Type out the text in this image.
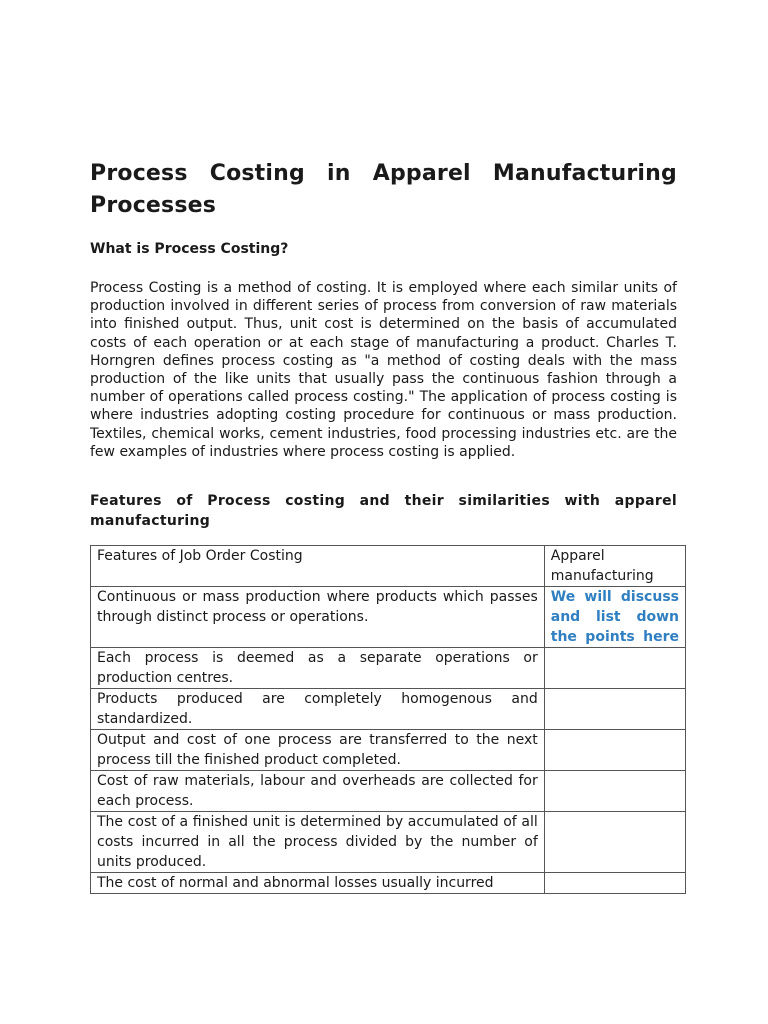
Process Costing in Apparel Manufacturing Processes
What is Process Costing?

Process Costing is a method of costing. It is employed where each similar units of production involved in different series of process from conversion of raw materials into finished output. Thus, unit cost is determined on the basis of accumulated costs of each operation or at each stage of manufacturing a product. Charles T. Horngren defines process costing as "a method of costing deals with the mass production of the like units that usually pass the continuous fashion through a number of operations called process costing." The application of process costing is where industries adopting costing procedure for continuous or mass production. Textiles, chemical works, cement industries, food processing industries etc. are the few examples of industries where process costing is applied.

Features of Process costing and their similarities with apparel manufacturing
Features of Job Order Costing	Apparel manufacturing
Continuous or mass production where products which passes through distinct process or operations.	We will discuss and list down the points here
Each process is deemed as a separate operations or production centres.	
Products produced are completely homogenous and standardized.	
Output and cost of one process are transferred to the next process till the finished product completed.	
Cost of raw materials, labour and overheads are collected for each process.	
The cost of a finished unit is determined by accumulated of all costs incurred in all the process divided by the number of units produced.	
The cost of normal and abnormal losses usually incurred	
